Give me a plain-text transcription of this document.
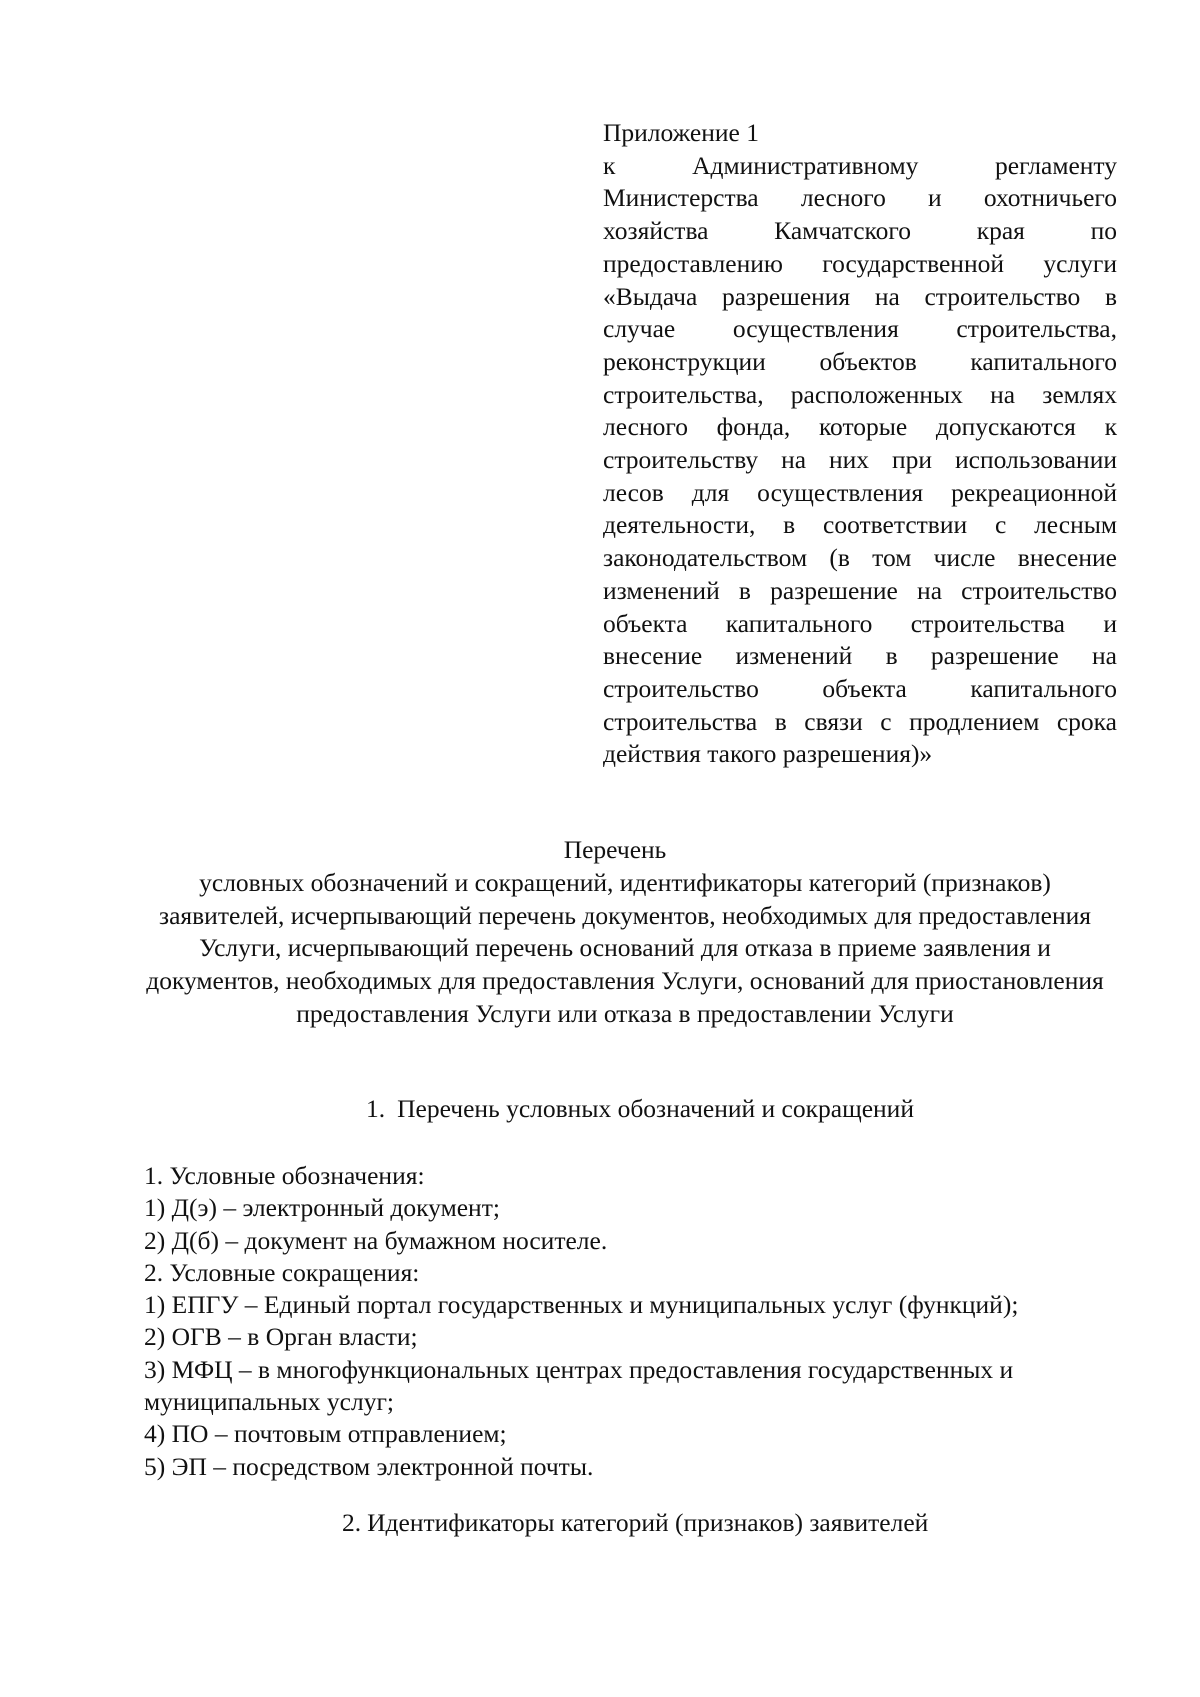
Приложение 1
к Административному регламенту Министерства лесного и охотничьего хозяйства Камчатского края по предоставлению государственной услуги «Выдача разрешения на строительство в случае осуществления строительства, реконструкции объектов капитального строительства, расположенных на землях лесного фонда, которые допускаются к строительству на них при использовании лесов для осуществления рекреационной деятельности, в соответствии с лесным законодательством (в том числе внесение изменений в разрешение на строительство объекта капитального строительства и внесение изменений в разрешение на строительство объекта капитального строительства в связи с продлением срока действия такого разрешения)»
Перечень
условных обозначений и сокращений, идентификаторы категорий (признаков) заявителей, исчерпывающий перечень документов, необходимых для предоставления Услуги, исчерпывающий перечень оснований для отказа в приеме заявления и документов, необходимых для предоставления Услуги, оснований для приостановления предоставления Услуги или отказа в предоставлении Услуги
1. Перечень условных обозначений и сокращений
1. Условные обозначения:
1) Д(э) – электронный документ;
2) Д(б) – документ на бумажном носителе.
2. Условные сокращения:
1) ЕПГУ – Единый портал государственных и муниципальных услуг (функций);
2) ОГВ – в Орган власти;
3) МФЦ – в многофункциональных центрах предоставления государственных и муниципальных услуг;
4) ПО – почтовым отправлением;
5) ЭП – посредством электронной почты.
2. Идентификаторы категорий (признаков) заявителей
